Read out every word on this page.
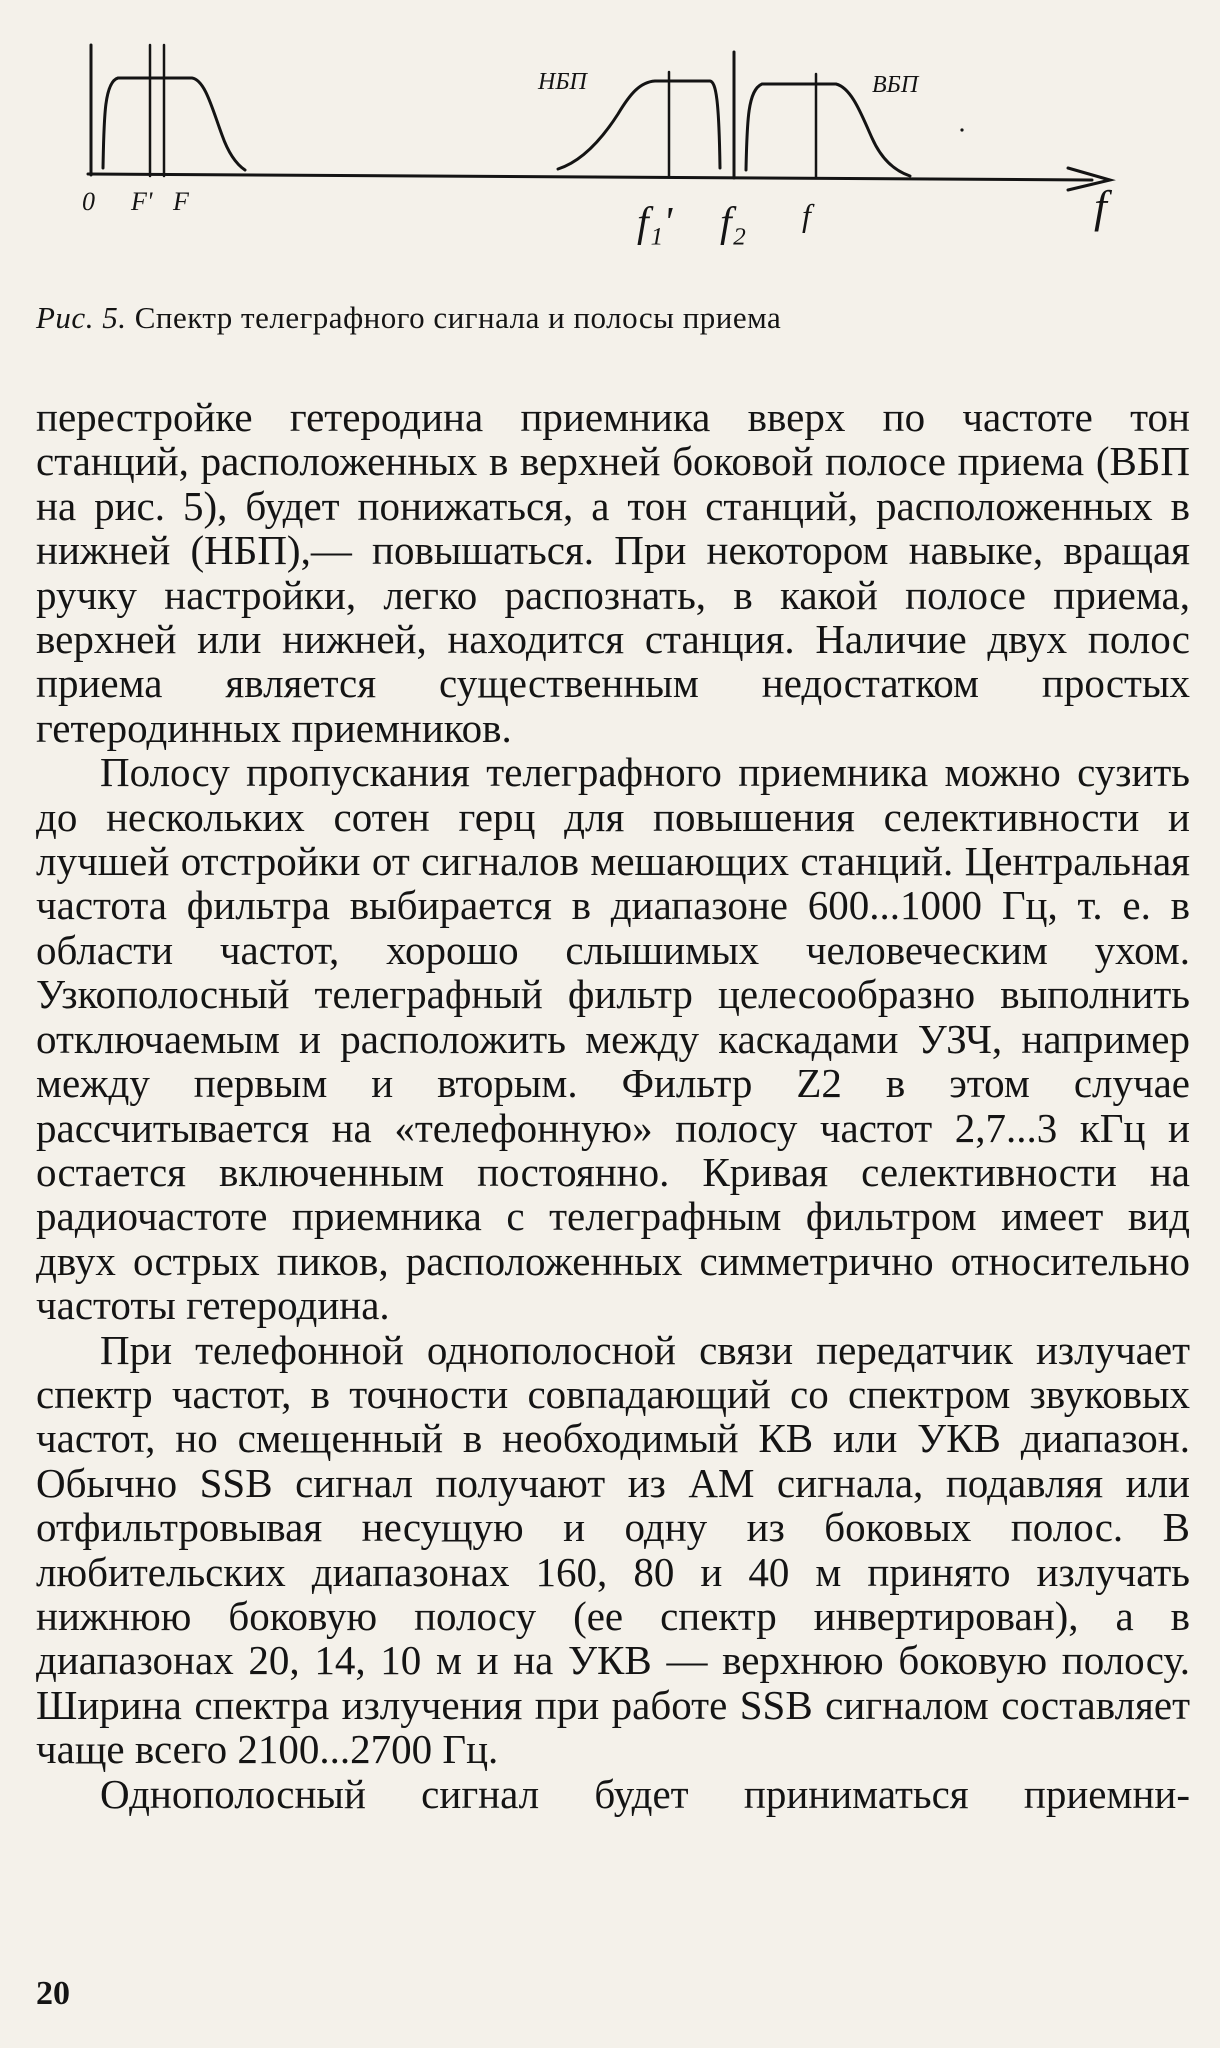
0 F' F
НБП	ВБП
f₁' f₂ f	f
Рис. 5. Спектр телеграфного сигнала и полосы приема

перестройке гетеродина приемника вверх по частоте тон станций, расположенных в верхней боковой полосе приема (ВБП на рис. 5), будет понижаться, а тон станций, расположенных в нижней (НБП),— повышаться. При некотором навыке, вращая ручку настройки, легко распознать, в какой полосе приема, верхней или нижней, находится станция. Наличие двух полос приема является существенным недостатком простых гетеродинных приемников.

Полосу пропускания телеграфного приемника можно сузить до нескольких сотен герц для повышения селективности и лучшей отстройки от сигналов мешающих станций. Центральная частота фильтра выбирается в диапазоне 600...1000 Гц, т. е. в области частот, хорошо слышимых человеческим ухом. Узкополосный телеграфный фильтр целесообразно выполнить отключаемым и расположить между каскадами УЗЧ, например между первым и вторым. Фильтр Z2 в этом случае рассчитывается на «телефонную» полосу частот 2,7...3 кГц и остается включенным постоянно. Кривая селективности на радиочастоте приемника с телеграфным фильтром имеет вид двух острых пиков, расположенных симметрично относительно частоты гетеродина.

При телефонной однополосной связи передатчик излучает спектр частот, в точности совпадающий со спектром звуковых частот, но смещенный в необходимый КВ или УКВ диапазон. Обычно SSB сигнал получают из АМ сигнала, подавляя или отфильтровывая несущую и одну из боковых полос. В любительских диапазонах 160, 80 и 40 м принято излучать нижнюю боковую полосу (ее спектр инвертирован), а в диапазонах 20, 14, 10 м и на УКВ — верхнюю боковую полосу. Ширина спектра излучения при работе SSB сигналом составляет чаще всего 2100...2700 Гц.

Однополосный сигнал будет приниматься приемни-

20
